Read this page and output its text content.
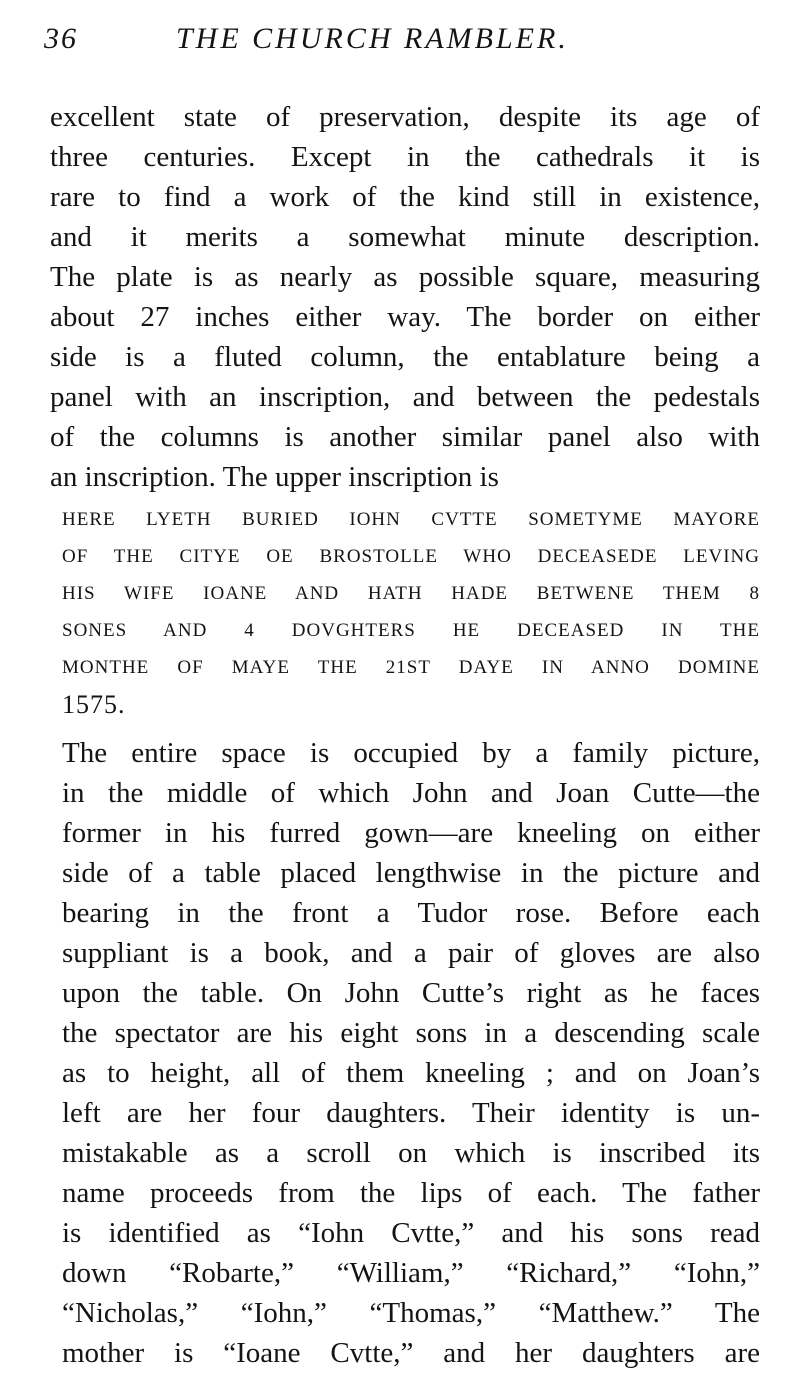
36	THE CHURCH RAMBLER.
excellent state of preservation, despite its age of
three centuries. Except in the cathedrals it is
rare to find a work of the kind still in existence,
and it merits a somewhat minute description.
The plate is as nearly as possible square, measuring
about 27 inches either way. The border on either
side is a fluted column, the entablature being a
panel with an inscription, and between the pedestals
of the columns is another similar panel also with
an inscription. The upper inscription is
HERE LYETH BURIED IOHN CVTTE SOMETYME MAYORE
OF THE CITYE OE BROSTOLLE WHO DECEASEDE LEVING
HIS WIFE IOANE AND HATH HADE BETWENE THEM 8
SONES AND 4 DOVGHTERS HE DECEASED IN THE
MONTHE OF MAYE THE 21ST DAYE IN ANNO DOMINE
1575.
The entire space is occupied by a family picture,
in the middle of which John and Joan Cutte—the
former in his furred gown—are kneeling on either
side of a table placed lengthwise in the picture and
bearing in the front a Tudor rose. Before each
suppliant is a book, and a pair of gloves are also
upon the table. On John Cutte’s right as he faces
the spectator are his eight sons in a descending scale
as to height, all of them kneeling ; and on Joan’s
left are her four daughters. Their identity is un-
mistakable as a scroll on which is inscribed its
name proceeds from the lips of each. The father
is identified as “Iohn Cvtte,” and his sons read
down “Robarte,” “William,” “Richard,” “Iohn,”
“Nicholas,” “Iohn,” “Thomas,” “Matthew.” The
mother is “Ioane Cvtte,” and her daughters are
